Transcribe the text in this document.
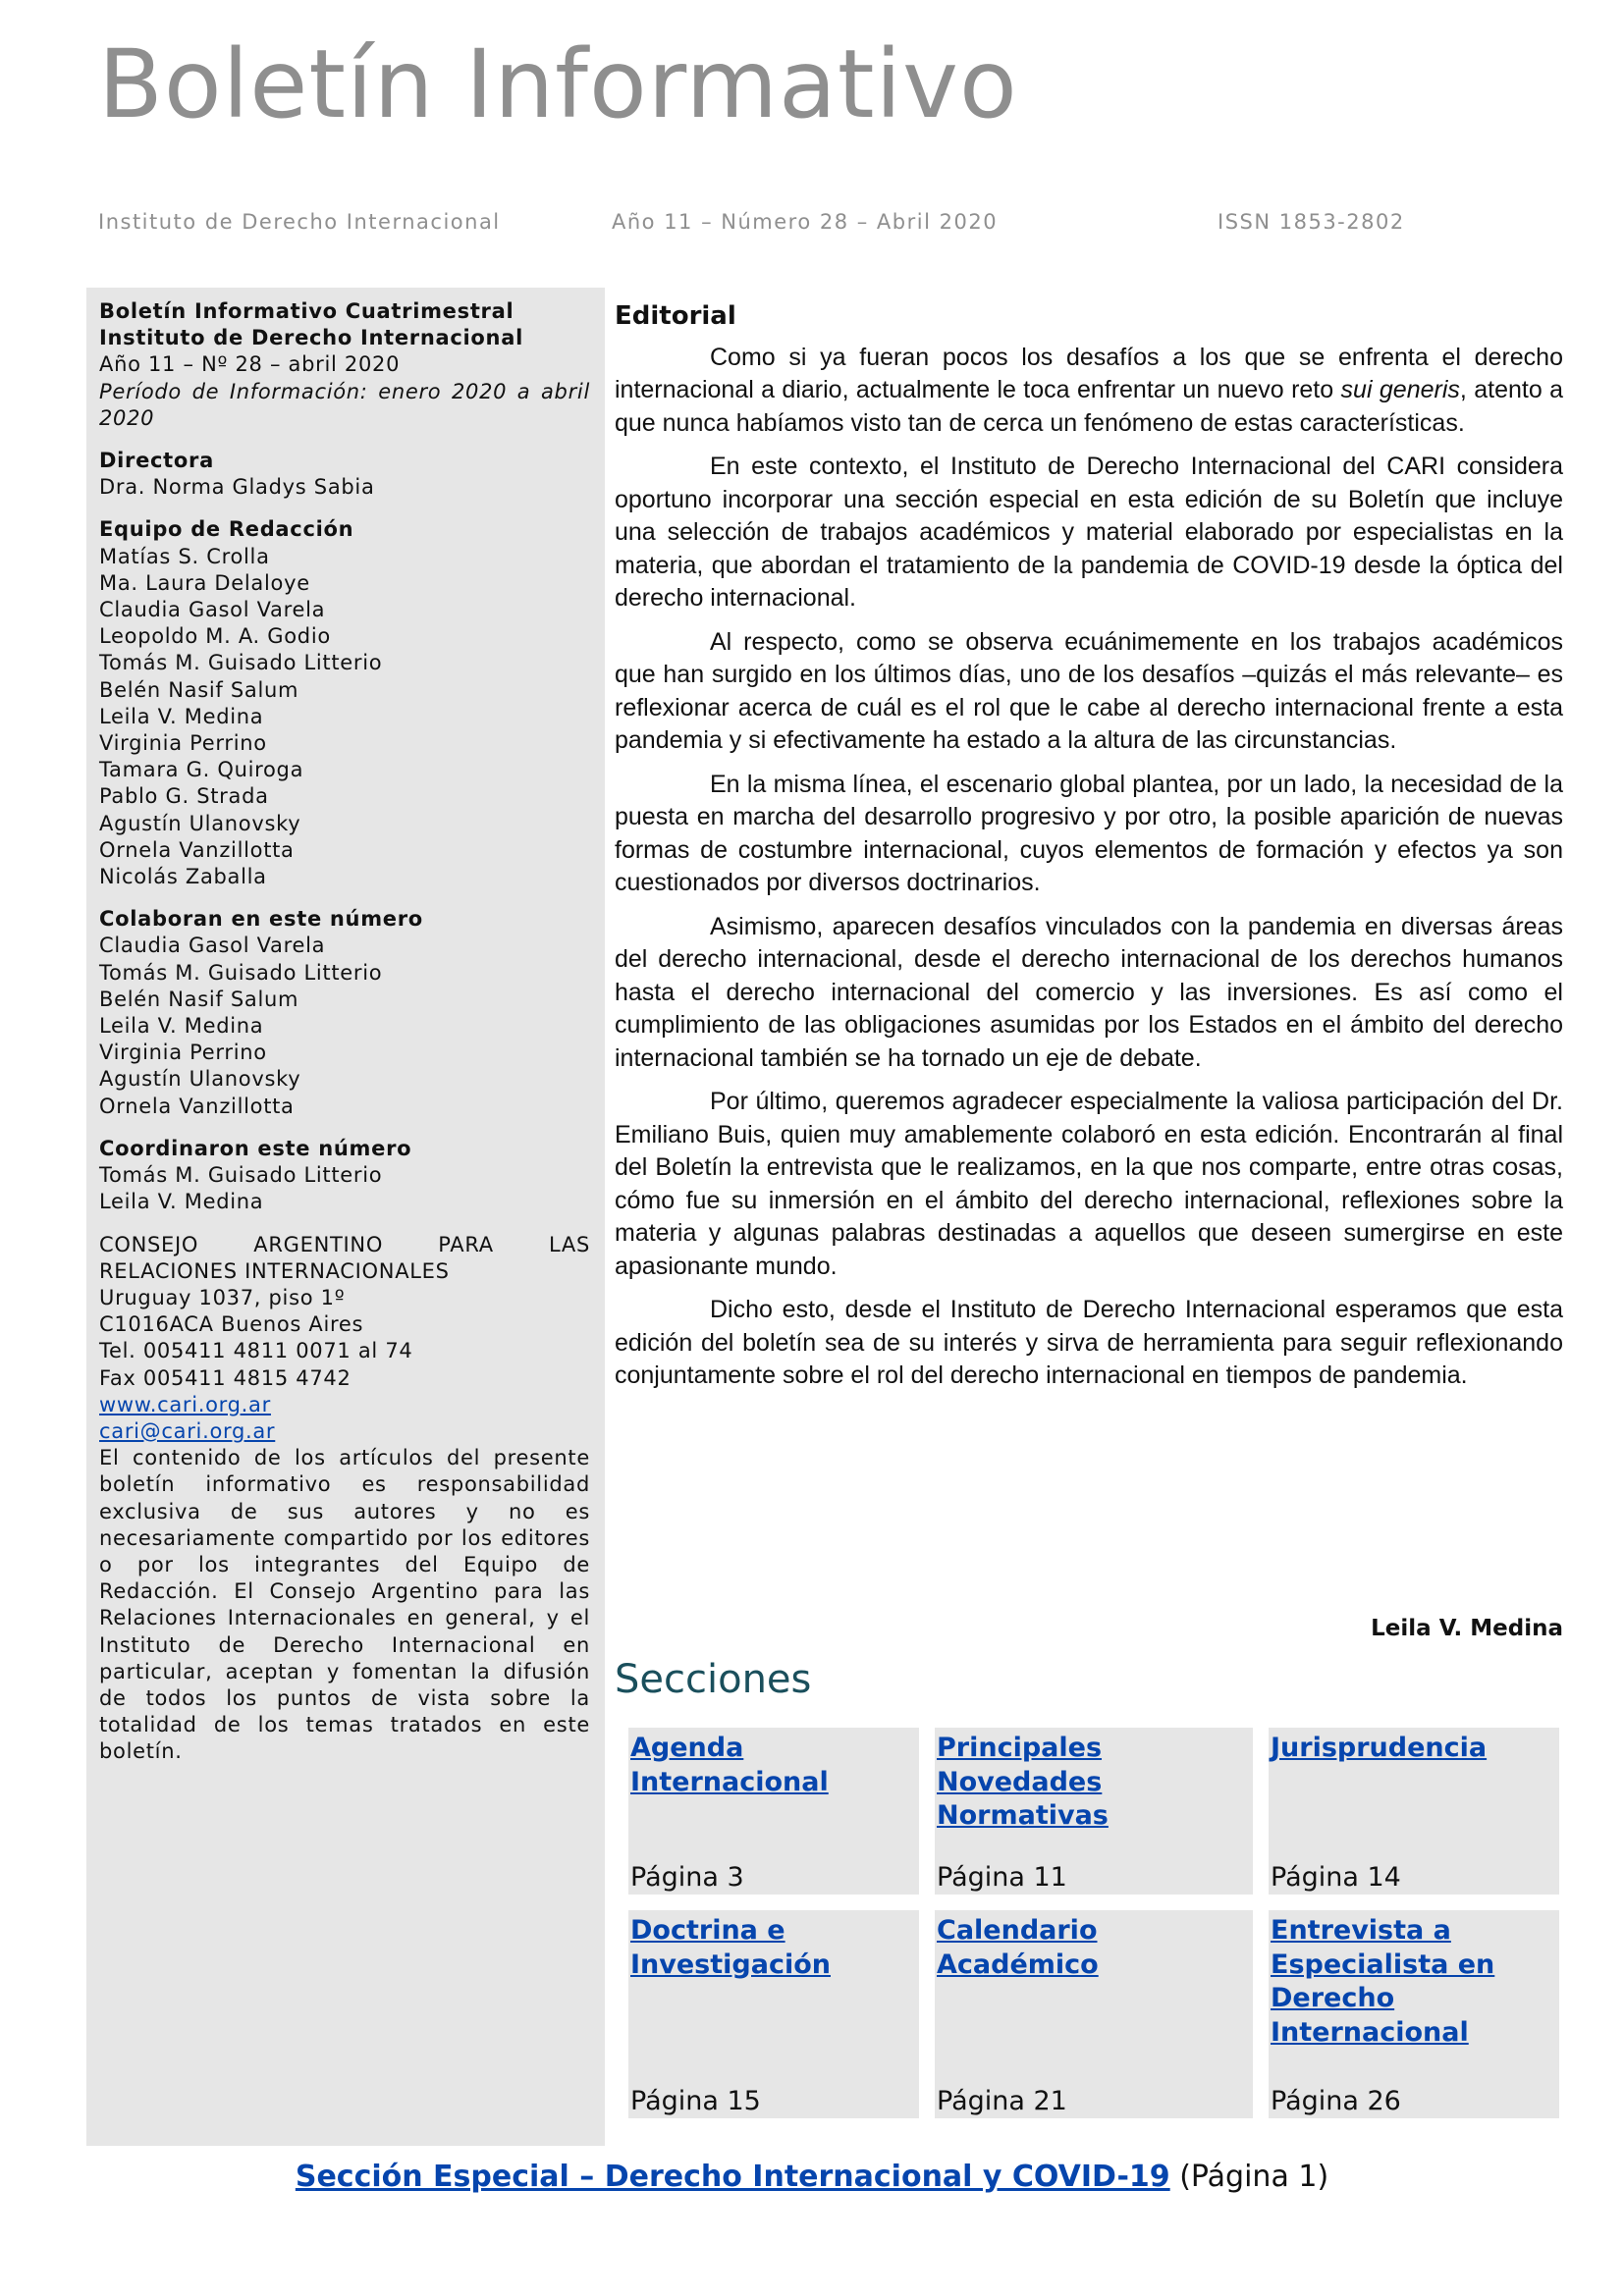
Boletín Informativo
Instituto de Derecho Internacional	Año 11 – Número 28 – Abril 2020	ISSN 1853-2802
Boletín Informativo Cuatrimestral
Instituto de Derecho Internacional
Año 11 – Nº 28 – abril 2020
Período de Información: enero 2020 a abril 2020
Directora
Dra. Norma Gladys Sabia
Equipo de Redacción
Matías S. Crolla
Ma. Laura Delaloye
Claudia Gasol Varela
Leopoldo M. A. Godio
Tomás M. Guisado Litterio
Belén Nasif Salum
Leila V. Medina
Virginia Perrino
Tamara G. Quiroga
Pablo G. Strada
Agustín Ulanovsky
Ornela Vanzillotta
Nicolás Zaballa
Colaboran en este número
Claudia Gasol Varela
Tomás M. Guisado Litterio
Belén Nasif Salum
Leila V. Medina
Virginia Perrino
Agustín Ulanovsky
Ornela Vanzillotta
Coordinaron este número
Tomás M. Guisado Litterio
Leila V. Medina
CONSEJO ARGENTINO PARA LAS
RELACIONES INTERNACIONALES
Uruguay 1037, piso 1º
C1016ACA Buenos Aires
Tel. 005411 4811 0071 al 74
Fax 005411 4815 4742
www.cari.org.ar
cari@cari.org.ar
El contenido de los artículos del presente boletín informativo es responsabilidad exclusiva de sus autores y no es necesariamente compartido por los editores o por los integrantes del Equipo de Redacción. El Consejo Argentino para las Relaciones Internacionales en general, y el Instituto de Derecho Internacional en particular, aceptan y fomentan la difusión de todos los puntos de vista sobre la totalidad de los temas tratados en este boletín.
Editorial

Como si ya fueran pocos los desafíos a los que se enfrenta el derecho internacional a diario, actualmente le toca enfrentar un nuevo reto sui generis, atento a que nunca habíamos visto tan de cerca un fenómeno de estas características.

En este contexto, el Instituto de Derecho Internacional del CARI considera oportuno incorporar una sección especial en esta edición de su Boletín que incluye una selección de trabajos académicos y material elaborado por especialistas en la materia, que abordan el tratamiento de la pandemia de COVID-19 desde la óptica del derecho internacional.

Al respecto, como se observa ecuánimemente en los trabajos académicos que han surgido en los últimos días, uno de los desafíos ‒quizás el más relevante‒ es reflexionar acerca de cuál es el rol que le cabe al derecho internacional frente a esta pandemia y si efectivamente ha estado a la altura de las circunstancias.

En la misma línea, el escenario global plantea, por un lado, la necesidad de la puesta en marcha del desarrollo progresivo y por otro, la posible aparición de nuevas formas de costumbre internacional, cuyos elementos de formación y efectos ya son cuestionados por diversos doctrinarios.

Asimismo, aparecen desafíos vinculados con la pandemia en diversas áreas del derecho internacional, desde el derecho internacional de los derechos humanos hasta el derecho internacional del comercio y las inversiones. Es así como el cumplimiento de las obligaciones asumidas por los Estados en el ámbito del derecho internacional también se ha tornado un eje de debate.

Por último, queremos agradecer especialmente la valiosa participación del Dr. Emiliano Buis, quien muy amablemente colaboró en esta edición. Encontrarán al final del Boletín la entrevista que le realizamos, en la que nos comparte, entre otras cosas, cómo fue su inmersión en el ámbito del derecho internacional, reflexiones sobre la materia y algunas palabras destinadas a aquellos que deseen sumergirse en este apasionante mundo.

Dicho esto, desde el Instituto de Derecho Internacional esperamos que esta edición del boletín sea de su interés y sirva de herramienta para seguir reflexionando conjuntamente sobre el rol del derecho internacional en tiempos de pandemia.

Leila V. Medina
Secciones
Agenda Internacional
Página 3
Principales Novedades Normativas
Página 11
Jurisprudencia
Página 14
Doctrina e Investigación
Página 15
Calendario Académico
Página 21
Entrevista a Especialista en Derecho Internacional
Página 26
Sección Especial – Derecho Internacional y COVID-19 (Página 1)
